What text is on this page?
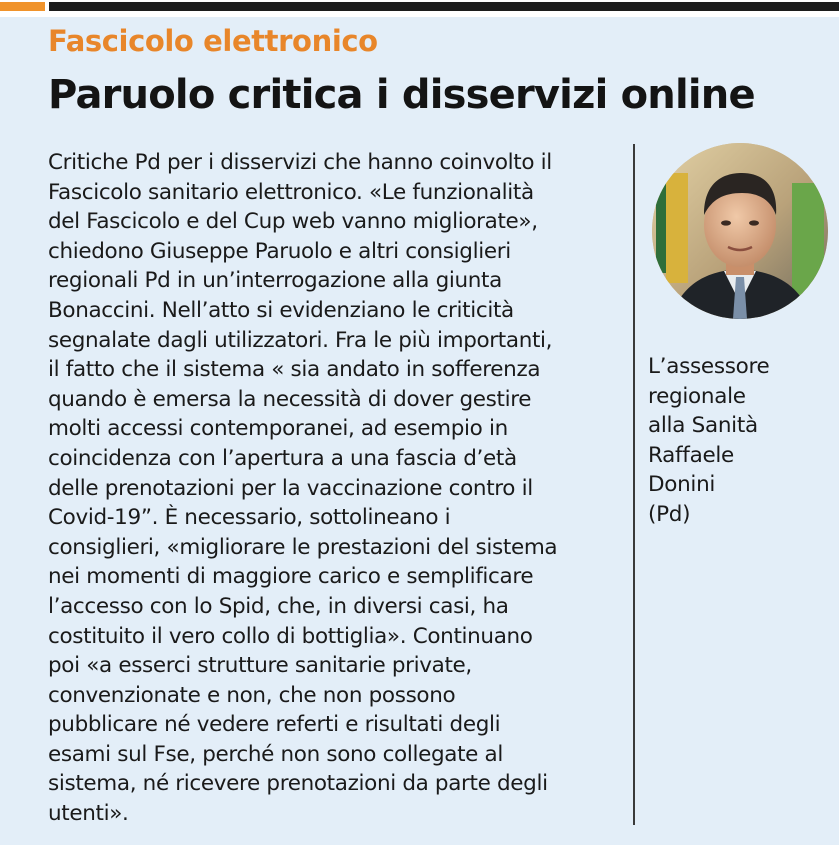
Fascicolo elettronico
Paruolo critica i disservizi online
Critiche Pd per i disservizi che hanno coinvolto il
Fascicolo sanitario elettronico. «Le funzionalità
del Fascicolo e del Cup web vanno migliorate»,
chiedono Giuseppe Paruolo e altri consiglieri
regionali Pd in un’interrogazione alla giunta
Bonaccini. Nell’atto si evidenziano le criticità
segnalate dagli utilizzatori. Fra le più importanti,
il fatto che il sistema « sia andato in sofferenza
quando è emersa la necessità di dover gestire
molti accessi contemporanei, ad esempio in
coincidenza con l’apertura a una fascia d’età
delle prenotazioni per la vaccinazione contro il
Covid-19”. È necessario, sottolineano i
consiglieri, «migliorare le prestazioni del sistema
nei momenti di maggiore carico e semplificare
l’accesso con lo Spid, che, in diversi casi, ha
costituito il vero collo di bottiglia». Continuano
poi «a esserci strutture sanitarie private,
convenzionate e non, che non possono
pubblicare né vedere referti e risultati degli
esami sul Fse, perché non sono collegate al
sistema, né ricevere prenotazioni da parte degli
utenti».
L’assessore
regionale
alla Sanità
Raffaele
Donini
(Pd)
